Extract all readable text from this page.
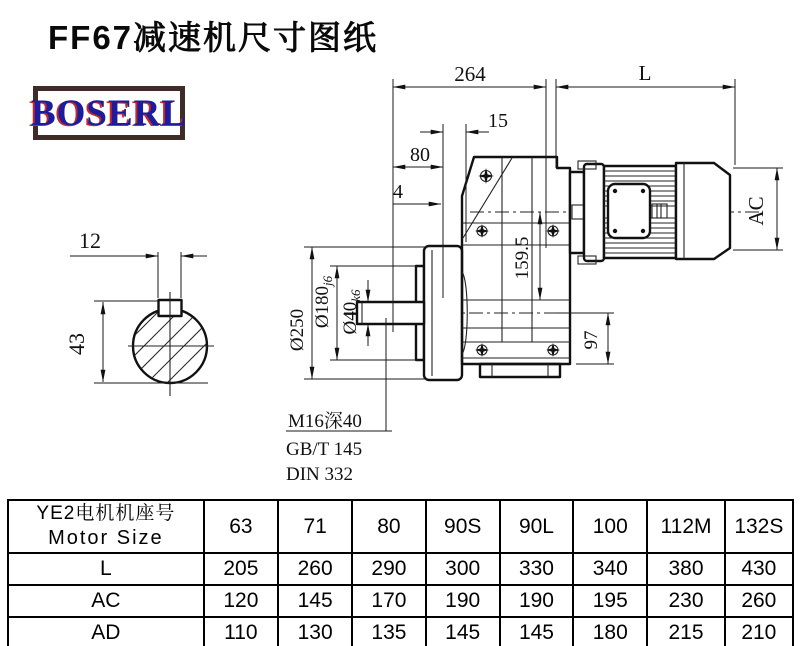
FF67减速机尺寸图纸
BOSERL
12
43
264	L
15
80
4
AC
Ø250
$Ø180_{j6}$
$Ø40_{k6}$
159.5
97
M16深40
GB/T 145
DIN 332
YE2电机机座号
Motor Size	63	71	80	90S	90L	100	112M	132S
L	205	260	290	300	330	340	380	430
AC	120	145	170	190	190	195	230	260
AD	110	130	135	145	145	180	215	210
